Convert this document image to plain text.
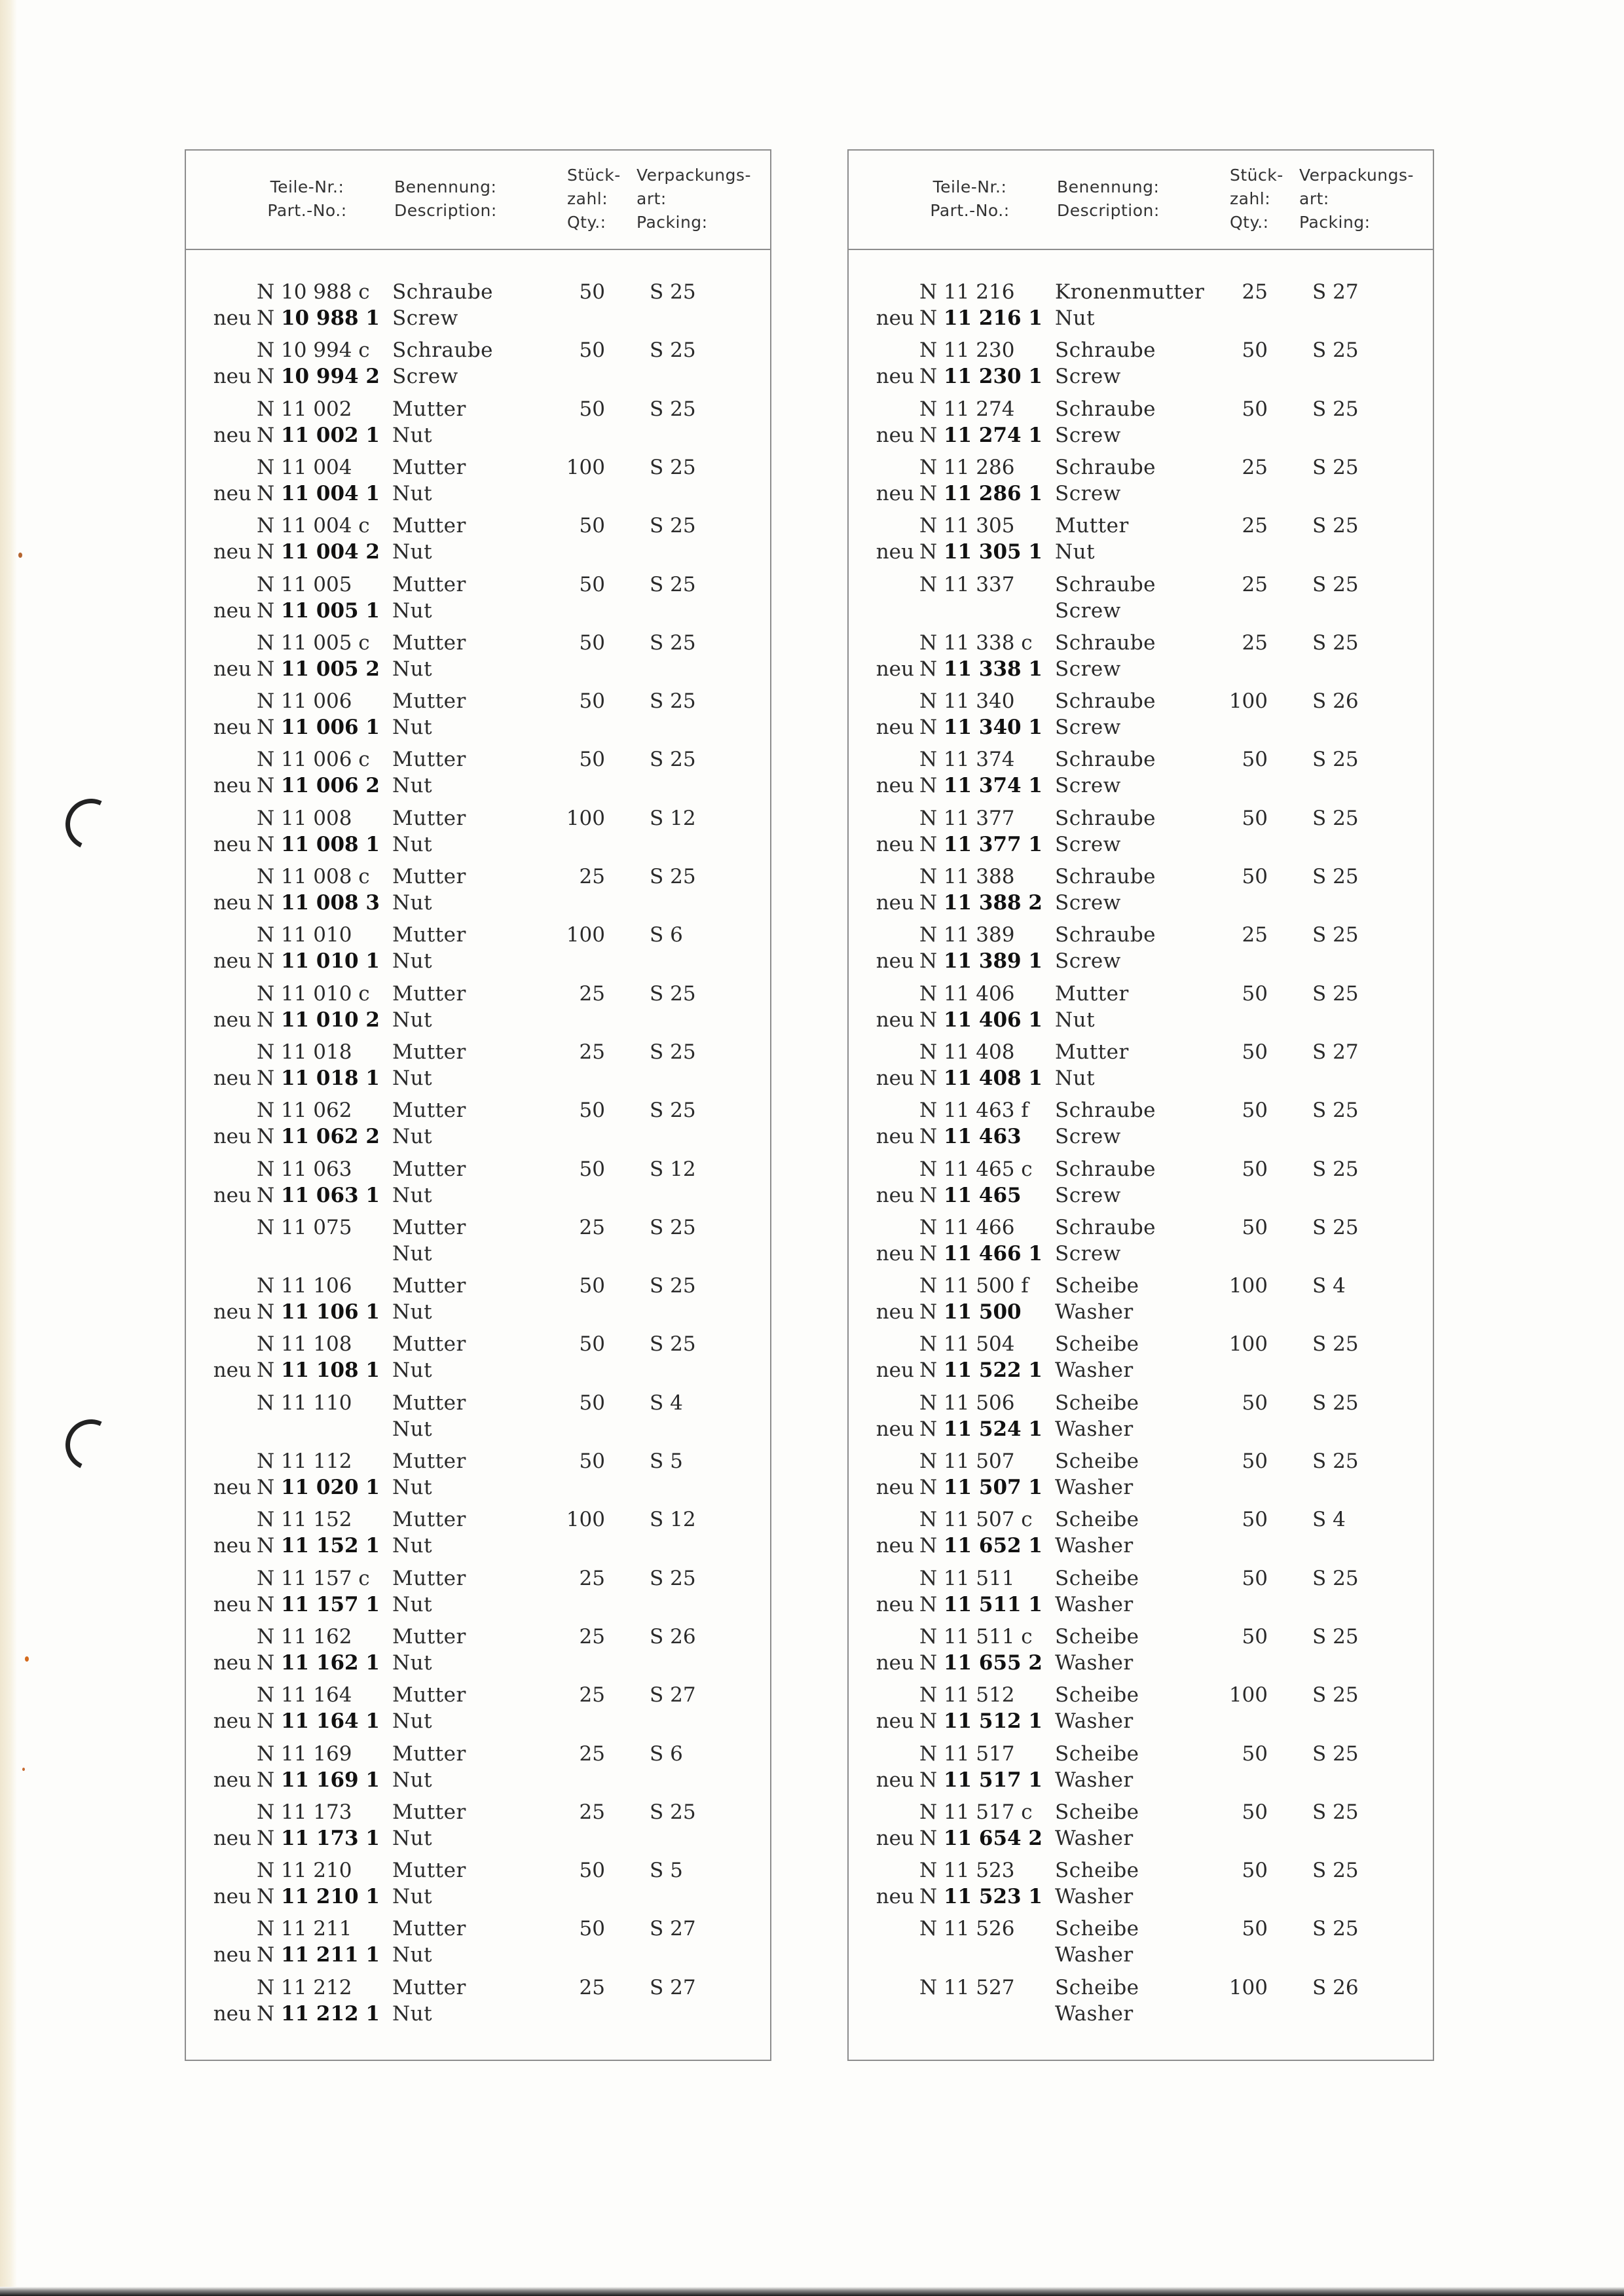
Teile-Nr.:
Part.-No.:
Benennung:
Description:
Stück-
zahl:
Qty.:
Verpackungs-
art:
Packing:
N 10 988 c
neu N 10 988 1
Schraube
Screw
50 S 25
N 10 994 c
neu N 10 994 2
Schraube
Screw
50 S 25
N 11 002
neu N 11 002 1
Mutter
Nut
50 S 25
N 11 004
neu N 11 004 1
Mutter
Nut
100 S 25
N 11 004 c
neu N 11 004 2
Mutter
Nut
50 S 25
N 11 005
neu N 11 005 1
Mutter
Nut
50 S 25
N 11 005 c
neu N 11 005 2
Mutter
Nut
50 S 25
N 11 006
neu N 11 006 1
Mutter
Nut
50 S 25
N 11 006 c
neu N 11 006 2
Mutter
Nut
50 S 25
N 11 008
neu N 11 008 1
Mutter
Nut
100 S 12
N 11 008 c
neu N 11 008 3
Mutter
Nut
25 S 25
N 11 010
neu N 11 010 1
Mutter
Nut
100 S 6
N 11 010 c
neu N 11 010 2
Mutter
Nut
25 S 25
N 11 018
neu N 11 018 1
Mutter
Nut
25 S 25
N 11 062
neu N 11 062 2
Mutter
Nut
50 S 25
N 11 063
neu N 11 063 1
Mutter
Nut
50 S 12
N 11 075 Mutter
Nut
25 S 25
N 11 106
neu N 11 106 1
Mutter
Nut
50 S 25
N 11 108
neu N 11 108 1
Mutter
Nut
50 S 25
N 11 110 Mutter
Nut
50 S 4
N 11 112
neu N 11 020 1
Mutter
Nut
50 S 5
N 11 152
neu N 11 152 1
Mutter
Nut
100 S 12
N 11 157 c
neu N 11 157 1
Mutter
Nut
25 S 25
N 11 162
neu N 11 162 1
Mutter
Nut
25 S 26
N 11 164
neu N 11 164 1
Mutter
Nut
25 S 27
N 11 169
neu N 11 169 1
Mutter
Nut
25 S 6
N 11 173
neu N 11 173 1
Mutter
Nut
25 S 25
N 11 210
neu N 11 210 1
Mutter
Nut
50 S 5
N 11 211
neu N 11 211 1
Mutter
Nut
50 S 27
N 11 212
neu N 11 212 1
Mutter
Nut
25 S 27
Teile-Nr.:
Part.-No.:
Benennung:
Description:
Stück-
zahl:
Qty.:
Verpackungs-
art:
Packing:
N 11 216
neu N 11 216 1
Kronenmutter
Nut
25 S 27
N 11 230
neu N 11 230 1
Schraube
Screw
50 S 25
N 11 274
neu N 11 274 1
Schraube
Screw
50 S 25
N 11 286
neu N 11 286 1
Schraube
Screw
25 S 25
N 11 305
neu N 11 305 1
Mutter
Nut
25 S 25
N 11 337 Schraube
Screw
25 S 25
N 11 338 c
neu N 11 338 1
Schraube
Screw
25 S 25
N 11 340
neu N 11 340 1
Schraube
Screw
100 S 26
N 11 374
neu N 11 374 1
Schraube
Screw
50 S 25
N 11 377
neu N 11 377 1
Schraube
Screw
50 S 25
N 11 388
neu N 11 388 2
Schraube
Screw
50 S 25
N 11 389
neu N 11 389 1
Schraube
Screw
25 S 25
N 11 406
neu N 11 406 1
Mutter
Nut
50 S 25
N 11 408
neu N 11 408 1
Mutter
Nut
50 S 27
N 11 463 f
neu N 11 463
Schraube
Screw
50 S 25
N 11 465 c
neu N 11 465
Schraube
Screw
50 S 25
N 11 466
neu N 11 466 1
Schraube
Screw
50 S 25
N 11 500 f
neu N 11 500
Scheibe
Washer
100 S 4
N 11 504
neu N 11 522 1
Scheibe
Washer
100 S 25
N 11 506
neu N 11 524 1
Scheibe
Washer
50 S 25
N 11 507
neu N 11 507 1
Scheibe
Washer
50 S 25
N 11 507 c
neu N 11 652 1
Scheibe
Washer
50 S 4
N 11 511
neu N 11 511 1
Scheibe
Washer
50 S 25
N 11 511 c
neu N 11 655 2
Scheibe
Washer
50 S 25
N 11 512
neu N 11 512 1
Scheibe
Washer
100 S 25
N 11 517
neu N 11 517 1
Scheibe
Washer
50 S 25
N 11 517 c
neu N 11 654 2
Scheibe
Washer
50 S 25
N 11 523
neu N 11 523 1
Scheibe
Washer
50 S 25
N 11 526 Scheibe
Washer
50 S 25
N 11 527 Scheibe
Washer
100 S 26
